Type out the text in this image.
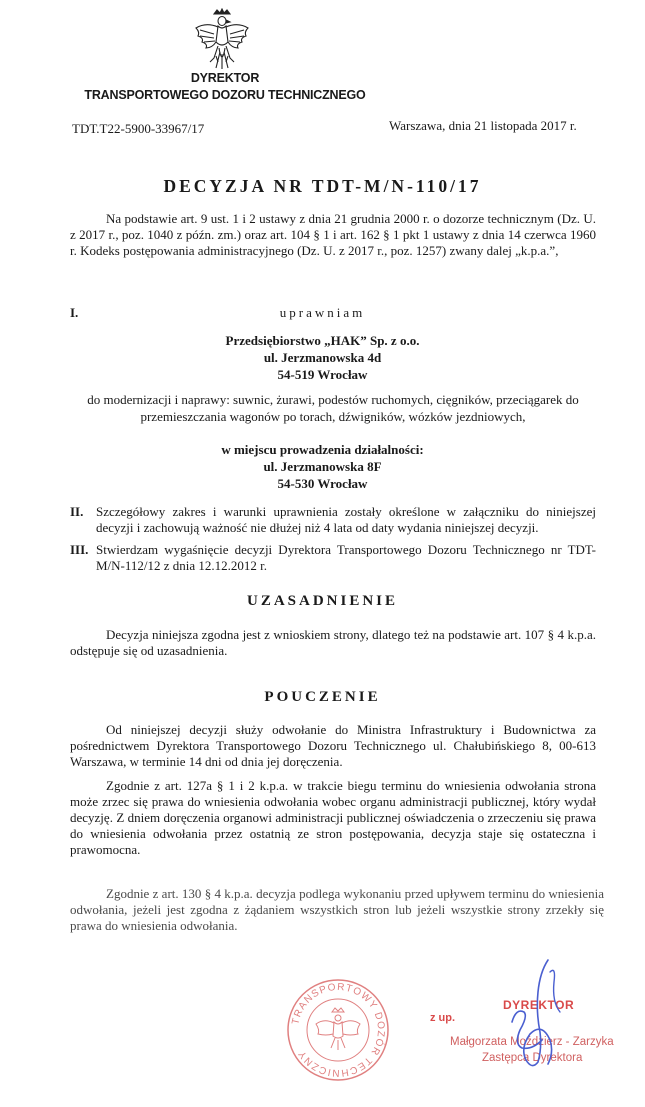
DYREKTOR
TRANSPORTOWEGO DOZORU TECHNICZNEGO
TDT.T22-5900-33967/17	Warszawa, dnia 21 listopada 2017 r.
DECYZJA NR TDT-M/N-110/17
Na podstawie art. 9 ust. 1 i 2 ustawy z dnia 21 grudnia 2000 r. o dozorze technicznym (Dz. U. z 2017 r., poz. 1040 z późn. zm.) oraz art. 104 § 1 i art. 162 § 1 pkt 1 ustawy z dnia 14 czerwca 1960 r. Kodeks postępowania administracyjnego (Dz. U. z 2017 r., poz. 1257) zwany dalej „k.p.a.”,
I.	uprawniam
Przedsiębiorstwo „HAK” Sp. z o.o.
ul. Jerzmanowska 4d
54-519 Wrocław
do modernizacji i naprawy: suwnic, żurawi, podestów ruchomych, cięgników, przeciągarek do przemieszczania wagonów po torach, dźwigników, wózków jezdniowych,
w miejscu prowadzenia działalności:
ul. Jerzmanowska 8F
54-530 Wrocław
II. Szczegółowy zakres i warunki uprawnienia zostały określone w załączniku do niniejszej decyzji i zachowują ważność nie dłużej niż 4 lata od daty wydania niniejszej decyzji.
III. Stwierdzam wygaśnięcie decyzji Dyrektora Transportowego Dozoru Technicznego nr TDT-M/N-112/12 z dnia 12.12.2012 r.
UZASADNIENIE
Decyzja niniejsza zgodna jest z wnioskiem strony, dlatego też na podstawie art. 107 § 4 k.p.a. odstępuje się od uzasadnienia.
POUCZENIE
Od niniejszej decyzji służy odwołanie do Ministra Infrastruktury i Budownictwa za pośrednictwem Dyrektora Transportowego Dozoru Technicznego ul. Chałubińskiego 8, 00-613 Warszawa, w terminie 14 dni od dnia jej doręczenia.
Zgodnie z art. 127a § 1 i 2 k.p.a. w trakcie biegu terminu do wniesienia odwołania strona może zrzec się prawa do wniesienia odwołania wobec organu administracji publicznej, który wydał decyzję. Z dniem doręczenia organowi administracji publicznej oświadczenia o zrzeczeniu się prawa do wniesienia odwołania przez ostatnią ze stron postępowania, decyzja staje się ostateczna i prawomocna.
Zgodnie z art. 130 § 4 k.p.a. decyzja podlega wykonaniu przed upływem terminu do wniesienia odwołania, jeżeli jest zgodna z żądaniem wszystkich stron lub jeżeli wszystkie strony zrzekły się prawa do wniesienia odwołania.
TRANSPORTOWY DOZÓR TECHNICZNY
z up.
DYREKTOR
Małgorzata Moździerz - Zarzyka
Zastępca Dyrektora
